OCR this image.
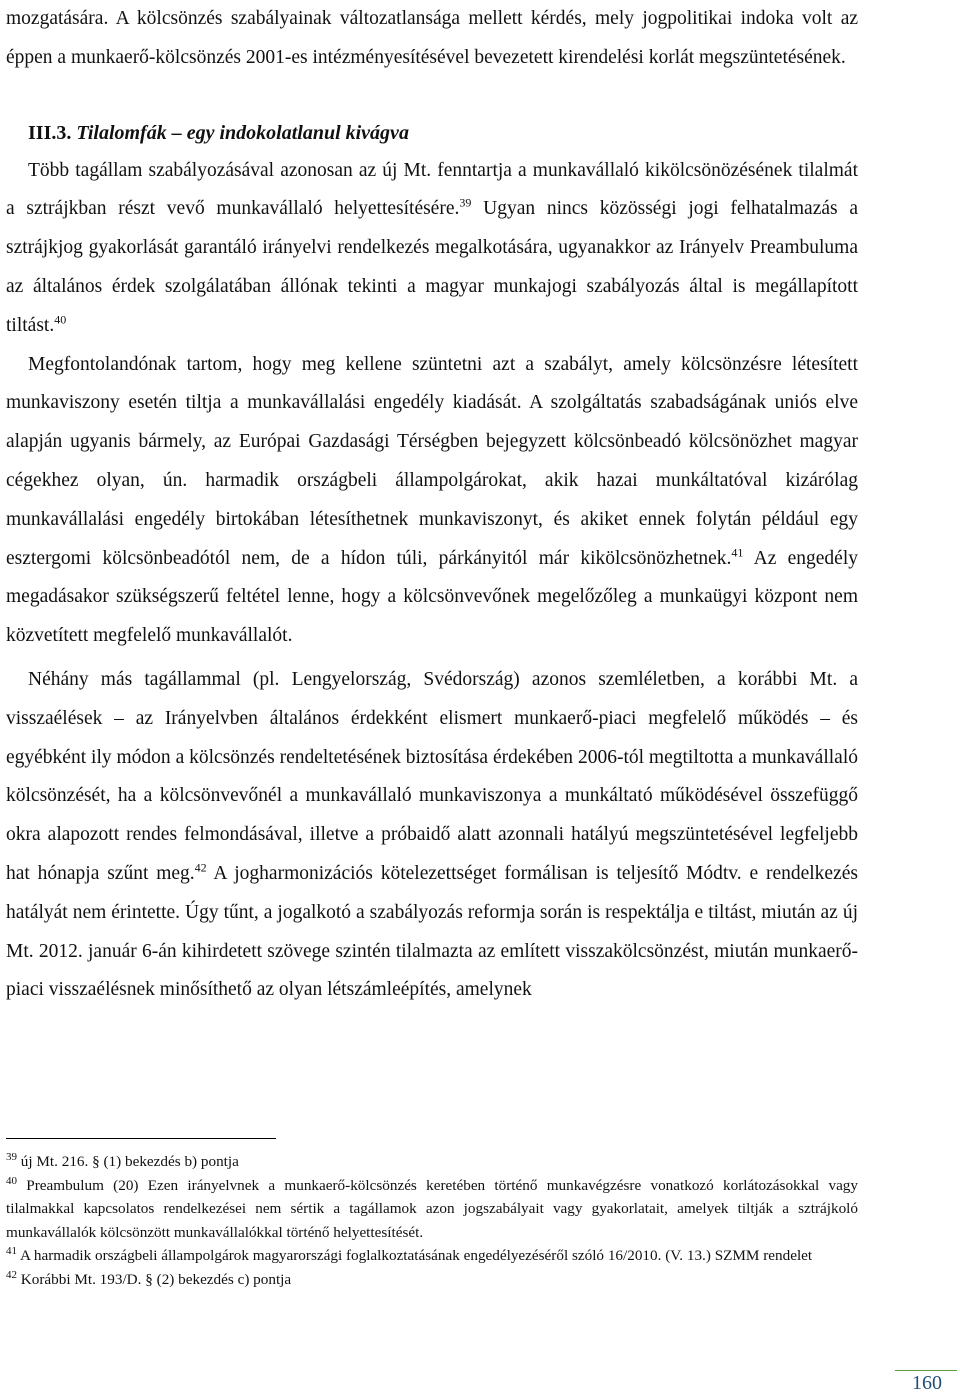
mozgatására. A kölcsönzés szabályainak változatlansága mellett kérdés, mely jogpolitikai indoka volt az éppen a munkaerő-kölcsönzés 2001-es intézményesítésével bevezetett kirendelési korlát megszüntetésének.

III.3. Tilalomfák – egy indokolatlanul kivágva

Több tagállam szabályozásával azonosan az új Mt. fenntartja a munkavállaló kikölcsönözésének tilalmát a sztrájkban részt vevő munkavállaló helyettesítésére.$^{39}$ Ugyan nincs közösségi jogi felhatalmazás a sztrájkjog gyakorlását garantáló irányelvi rendelkezés megalkotására, ugyanakkor az Irányelv Preambuluma az általános érdek szolgálatában állónak tekinti a magyar munkajogi szabályozás által is megállapított tiltást.$^{40}$

Megfontolandónak tartom, hogy meg kellene szüntetni azt a szabályt, amely kölcsönzésre létesített munkaviszony esetén tiltja a munkavállalási engedély kiadását. A szolgáltatás szabadságának uniós elve alapján ugyanis bármely, az Európai Gazdasági Térségben bejegyzett kölcsönbeadó kölcsönözhet magyar cégekhez olyan, ún. harmadik országbeli állampolgárokat, akik hazai munkáltatóval kizárólag munkavállalási engedély birtokában létesíthetnek munkaviszonyt, és akiket ennek folytán például egy esztergomi kölcsönbeadótól nem, de a hídon túli, párkányitól már kikölcsönözhetnek.$^{41}$ Az engedély megadásakor szükségszerű feltétel lenne, hogy a kölcsönvevőnek megelőzőleg a munkaügyi központ nem közvetített megfelelő munkavállalót.

Néhány más tagállammal (pl. Lengyelország, Svédország) azonos szemléletben, a korábbi Mt. a visszaélések – az Irányelvben általános érdekként elismert munkaerő-piaci megfelelő működés – és egyébként ily módon a kölcsönzés rendeltetésének biztosítása érdekében 2006-tól megtiltotta a munkavállaló kölcsönzését, ha a kölcsönvevőnél a munkavállaló munkaviszonya a munkáltató működésével összefüggő okra alapozott rendes felmondásával, illetve a próbaidő alatt azonnali hatályú megszüntetésével legfeljebb hat hónapja szűnt meg.$^{42}$ A jogharmonizációs kötelezettséget formálisan is teljesítő Módtv. e rendelkezés hatályát nem érintette. Úgy tűnt, a jogalkotó a szabályozás reformja során is respektálja e tiltást, miután az új Mt. 2012. január 6-án kihirdetett szövege szintén tilalmazta az említett visszakölcsönzést, miután munkaerő-piaci visszaélésnek minősíthető az olyan létszámleépítés, amelynek

$^{39}$ új Mt. 216. § (1) bekezdés b) pontja

$^{40}$ Preambulum (20) Ezen irányelvnek a munkaerő-kölcsönzés keretében történő munkavégzésre vonatkozó korlátozásokkal vagy tilalmakkal kapcsolatos rendelkezései nem sértik a tagállamok azon jogszabályait vagy gyakorlatait, amelyek tiltják a sztrájkoló munkavállalók kölcsönzött munkavállalókkal történő helyettesítését.

$^{41}$ A harmadik országbeli állampolgárok magyarországi foglalkoztatásának engedélyezéséről szóló 16/2010. (V. 13.) SZMM rendelet

$^{42}$ Korábbi Mt. 193/D. § (2) bekezdés c) pontja

160
